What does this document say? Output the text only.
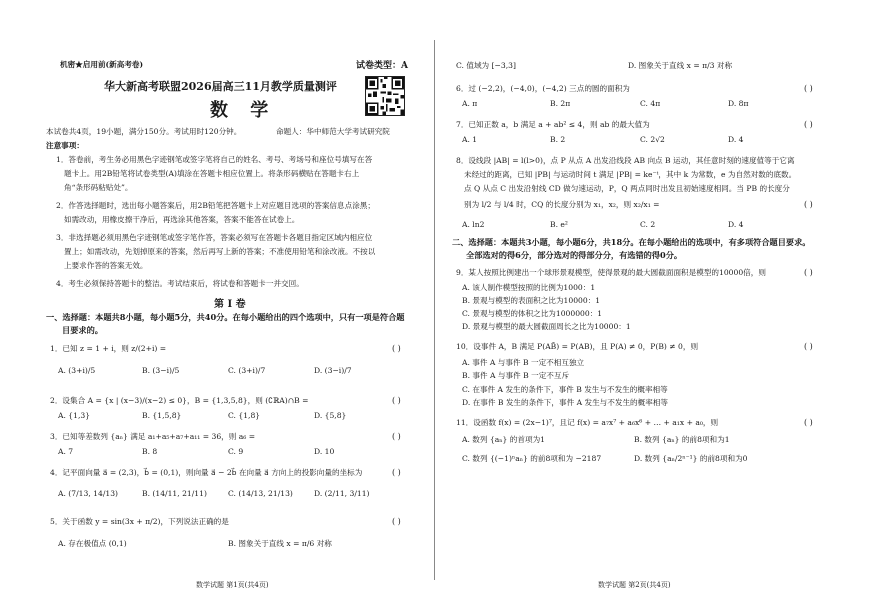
机密★启用前(新高考卷)	试卷类型：A
华大新高考联盟2026届高三11月教学质量测评
数 学
本试卷共4页，19小题，满分150分。考试用时120分钟。	命题人：华中师范大学考试研究院
注意事项：
1．答卷前，考生务必用黑色字迹钢笔或签字笔将自己的姓名、考号、考场号和座位号填写在答
题卡上。用2B铅笔将试卷类型(A)填涂在答题卡相应位置上。将条形码横贴在答题卡右上
角“条形码粘贴处”。
2．作答选择题时，选出每小题答案后，用2B铅笔把答题卡上对应题目选项的答案信息点涂黑；
如需改动，用橡皮擦干净后，再选涂其他答案，答案不能答在试卷上。
3．非选择题必须用黑色字迹钢笔或签字笔作答，答案必须写在答题卡各题目指定区域内相应位
置上；如需改动，先划掉原来的答案，然后再写上新的答案；不准使用铅笔和涂改液。不按以
上要求作答的答案无效。
4．考生必须保持答题卡的整洁。考试结束后，将试卷和答题卡一并交回。
第 Ⅰ 卷
一、选择题：本题共8小题，每小题5分，共40分。在每小题给出的四个选项中，只有一项是符合题
目要求的。
1．已知 z = 1 + i，则 z/(2+i) =	( )
A. (3+i)/5	B. (3−i)/5	C. (3+i)/7	D. (3−i)/7
2．设集合 A = {x | (x−3)/(x−2) ≤ 0}，B = {1,3,5,8}，则 (∁ℝA)∩B =	( )
A. {1,3}	B. {1,5,8}	C. {1,8}	D. {5,8}
3．已知等差数列 {aₙ} 满足 a₁+a₅+a₇+a₁₁ = 36，则 a₆ =	( )
A. 7	B. 8	C. 9	D. 10
4．记平面向量 a⃗ = (2,3)，b⃗ = (0,1)，则向量 a⃗ − 2b⃗ 在向量 a⃗ 方向上的投影向量的坐标为	( )
A. (7/13, 14/13)	B. (14/11, 21/11)	C. (14/13, 21/13)	D. (2/11, 3/11)
5．关于函数 y = sin(3x + π/2)，下列说法正确的是	( )
A. 存在极值点 (0,1)	B. 图象关于直线 x = π/6 对称
数学试题 第1页(共4页)
C. 值域为 [−3,3]	D. 图象关于直线 x = π/3 对称
6．过 (−2,2)，(−4,0)，(−4,2) 三点的圆的面积为	( )
A. π	B. 2π	C. 4π	D. 8π
7．已知正数 a，b 满足 a + ab² ≤ 4，则 ab 的最大值为	( )
A. 1	B. 2	C. 2√2	D. 4
8．设线段 |AB| = l(l>0)，点 P 从点 A 出发沿线段 AB 向点 B 运动，其任意时刻的速度值等于它离
未经过的距离，已知 |PB| 与运动时间 t 满足 |PB| = ke⁻ᵗ，其中 k 为常数，e 为自然对数的底数。
点 Q 从点 C 出发沿射线 CD 做匀速运动，P，Q 两点同时出发且初始速度相同。当 PB 的长度分
别为 l/2 与 l/4 时，CQ 的长度分别为 x₁，x₂，则 x₂/x₁ =	( )
A. ln2	B. e²	C. 2	D. 4
二、选择题：本题共3小题，每小题6分，共18分。在每小题给出的选项中，有多项符合题目要求。
全部选对的得6分，部分选对的得部分分，有选错的得0分。
9．某人按照比例建出一个球形景观模型，使得景观的最大圆截面面积是模型的10000倍，则	( )
A. 该人制作模型按照的比例为1000：1
B. 景观与模型的表面积之比为10000：1
C. 景观与模型的体积之比为1000000：1
D. 景观与模型的最大圆截面周长之比为10000：1
10．设事件 A，B 满足 P(AB̄) = P(AB)，且 P(A) ≠ 0，P(B) ≠ 0，则	( )
A. 事件 A 与事件 B 一定不相互独立
B. 事件 A 与事件 B 一定不互斥
C. 在事件 A 发生的条件下，事件 B 发生与不发生的概率相等
D. 在事件 B 发生的条件下，事件 A 发生与不发生的概率相等
11．设函数 f(x) = (2x−1)⁷，且记 f(x) = a₇x⁷ + a₆x⁶ + … + a₁x + a₀，则	( )
A. 数列 {aₙ} 的首项为1	B. 数列 {aₙ} 的前8项和为1
C. 数列 {(−1)ⁿaₙ} 的前8项和为 −2187	D. 数列 {aₙ/2ⁿ⁻¹} 的前8项和为0
数学试题 第2页(共4页)
